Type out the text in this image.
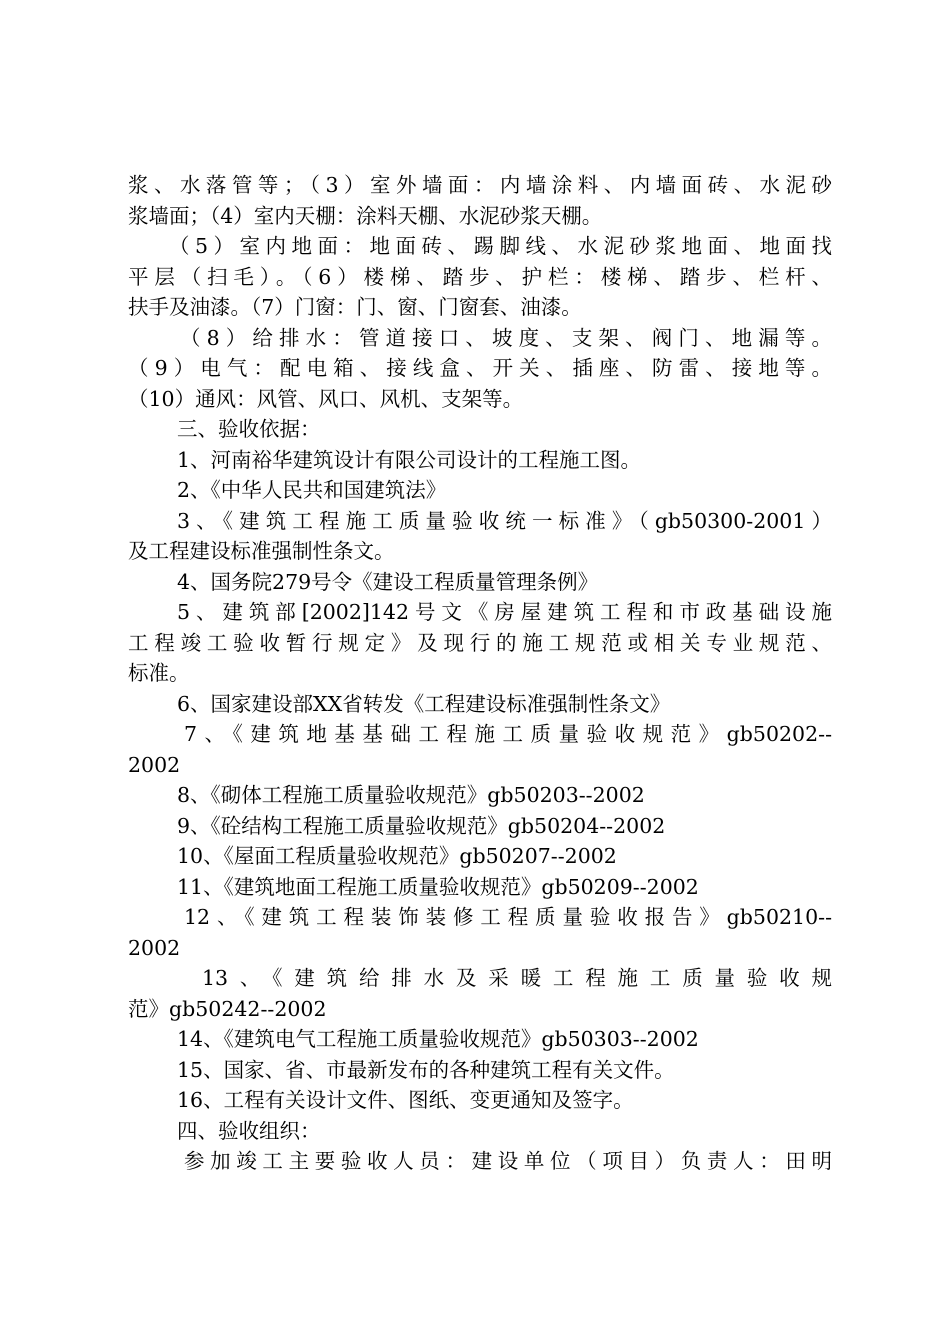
浆、水落管等；（3）室外墙面：内墙涂料、内墙面砖、水泥砂
浆墙面；（4）室内天棚：涂料天棚、水泥砂浆天棚。
（5）室内地面：地面砖、踢脚线、水泥砂浆地面、地面找
平层（扫毛）。（6）楼梯、踏步、护栏：楼梯、踏步、栏杆、
扶手及油漆。（7）门窗：门、窗、门窗套、油漆。
（8）给排水：管道接口、坡度、支架、阀门、地漏等。
（9）电气：配电箱、接线盒、开关、插座、防雷、接地等。
（10）通风：风管、风口、风机、支架等。
三、验收依据：
1、河南裕华建筑设计有限公司设计的工程施工图。
2、《中华人民共和国建筑法》
3、《建筑工程施工质量验收统一标准》（gb50300-2001）
及工程建设标准强制性条文。
4、国务院279号令《建设工程质量管理条例》
5、建筑部[2002]142号文《房屋建筑工程和市政基础设施
工程竣工验收暂行规定》及现行的施工规范或相关专业规范、
标准。
6、国家建设部XX省转发《工程建设标准强制性条文》
7、《建筑地基基础工程施工质量验收规范》gb50202--
2002
8、《砌体工程施工质量验收规范》gb50203--2002
9、《砼结构工程施工质量验收规范》gb50204--2002
10、《屋面工程质量验收规范》gb50207--2002
11、《建筑地面工程施工质量验收规范》gb50209--2002
12、《建筑工程装饰装修工程质量验收报告》gb50210--
2002
13、《建筑给排水及采暖工程施工质量验收规
范》gb50242--2002
14、《建筑电气工程施工质量验收规范》gb50303--2002
15、国家、省、市最新发布的各种建筑工程有关文件。
16、工程有关设计文件、图纸、变更通知及签字。
四、验收组织：
参加竣工主要验收人员：建设单位（项目）负责人：田明
